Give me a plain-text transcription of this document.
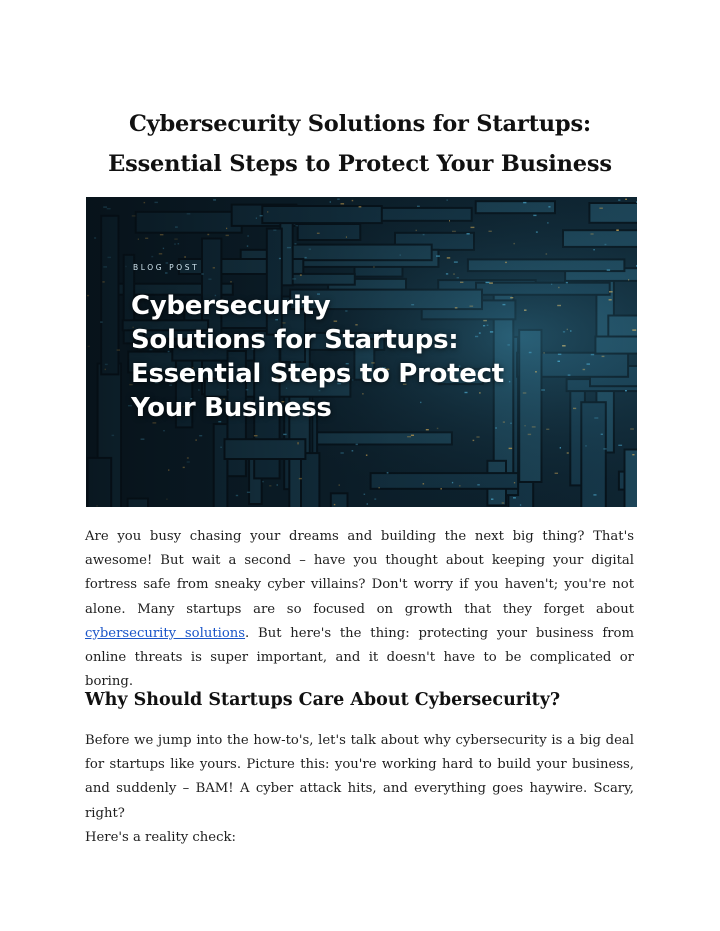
Cybersecurity Solutions for Startups:
Essential Steps to Protect Your Business
BLOG POST
Cybersecurity
Solutions for Startups:
Essential Steps to Protect
Your Business

Are you busy chasing your dreams and building the next big thing? That's awesome! But wait a second – have you thought about keeping your digital fortress safe from sneaky cyber villains? Don't worry if you haven't; you're not alone. Many startups are so focused on growth that they forget about cybersecurity solutions. But here's the thing: protecting your business from online threats is super important, and it doesn't have to be complicated or boring.

Why Should Startups Care About Cybersecurity?

Before we jump into the how-to's, let's talk about why cybersecurity is a big deal for startups like yours. Picture this: you're working hard to build your business, and suddenly – BAM! A cyber attack hits, and everything goes haywire. Scary, right?
Here's a reality check:
